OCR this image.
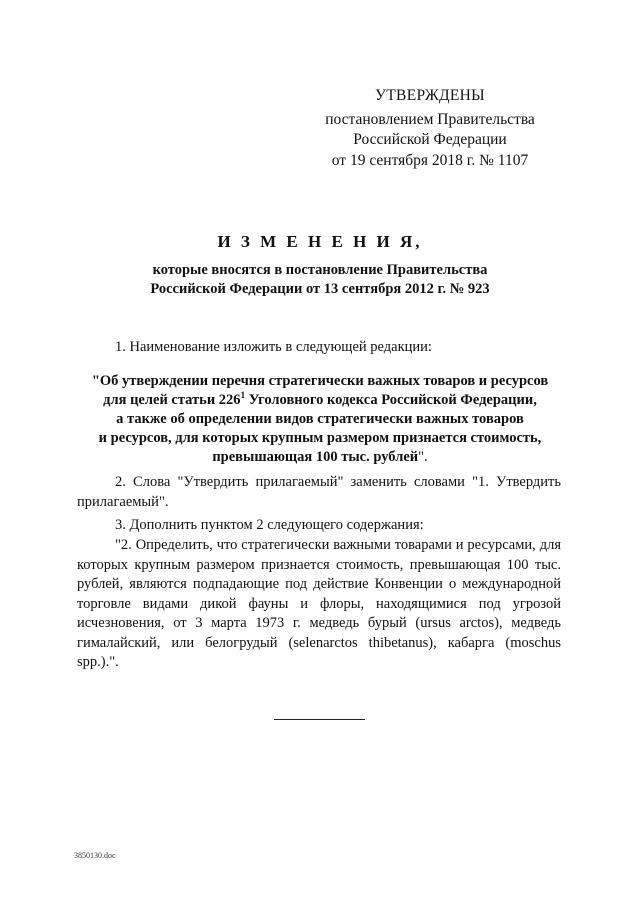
УТВЕРЖДЕНЫ
постановлением Правительства
Российской Федерации
от 19 сентября 2018 г. № 1107
И З М Е Н Е Н И Я,
которые вносятся в постановление Правительства
Российской Федерации от 13 сентября 2012 г. № 923
1. Наименование изложить в следующей редакции:
"Об утверждении перечня стратегически важных товаров и ресурсов
для целей статьи $226^1$ Уголовного кодекса Российской Федерации,
а также об определении видов стратегически важных товаров
и ресурсов, для которых крупным размером признается стоимость,
превышающая 100 тыс. рублей".
2. Слова "Утвердить прилагаемый" заменить словами "1. Утвердить прилагаемый".
3. Дополнить пунктом 2 следующего содержания:
"2. Определить, что стратегически важными товарами и ресурсами, для которых крупным размером признается стоимость, превышающая 100 тыс. рублей, являются подпадающие под действие Конвенции о международной торговле видами дикой фауны и флоры, находящимися под угрозой исчезновения, от 3 марта 1973 г. медведь бурый (ursus arctos), медведь гималайский, или белогрудый (selenarctos thibetanus), кабарга (moschus spp.).".
3850130.doc
